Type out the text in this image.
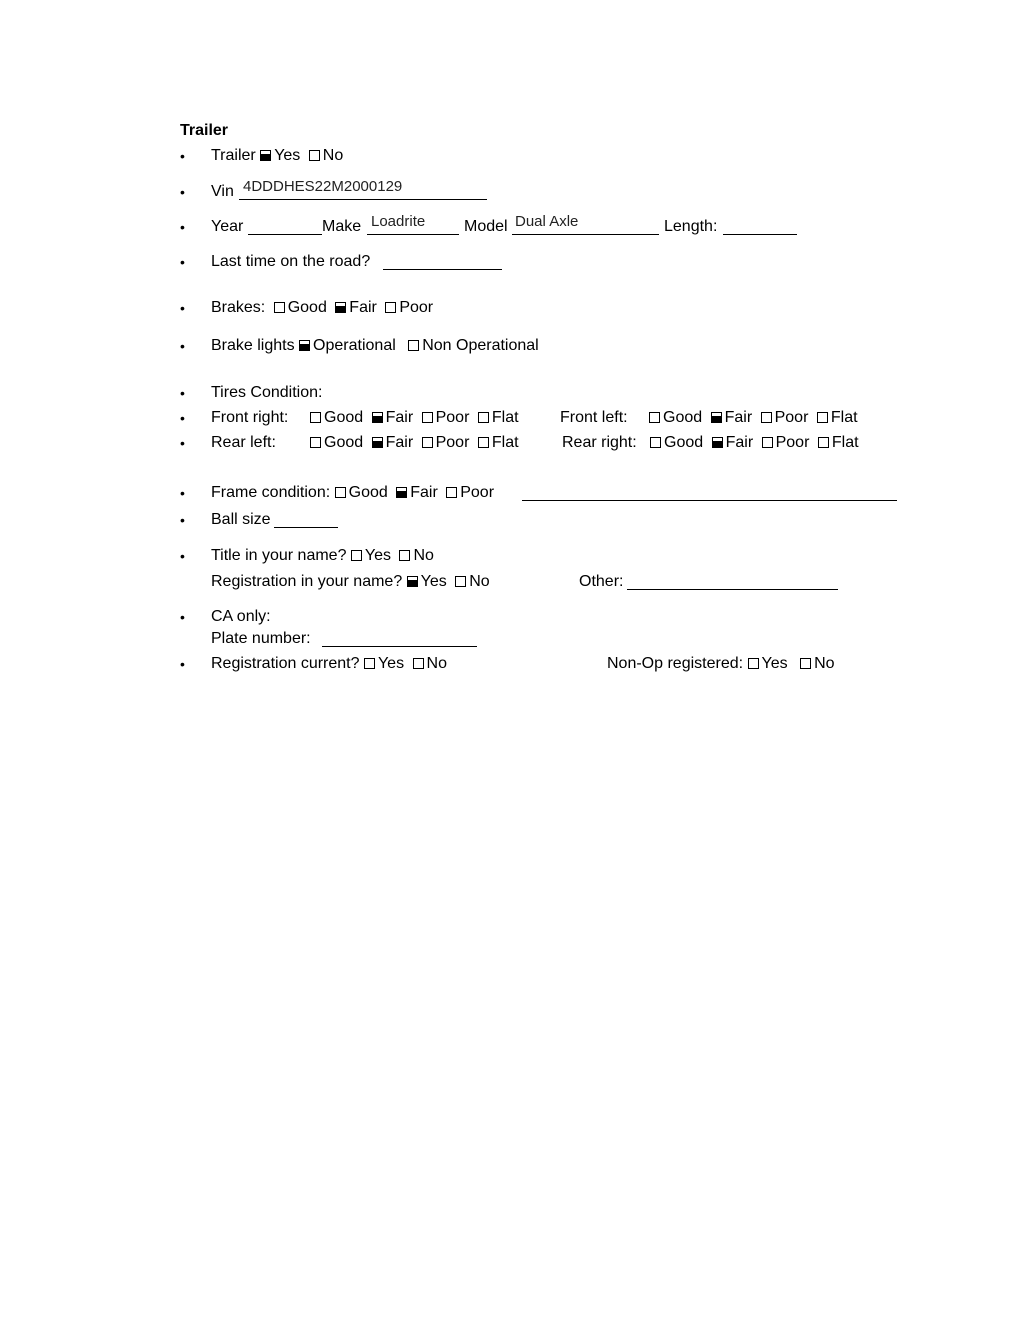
Trailer
• Trailer Yes No
• Vin 4DDDHES22M2000129
• Year	Make Loadrite Model Dual Axle	Length:
• Last time on the road?
• Brakes: Good Fair Poor
• Brake lights Operational Non Operational
• Tires Condition:
• Front right:	Good Fair Poor Flat	Front left:	Good Fair Poor Flat
• Rear left:	Good Fair Poor Flat	Rear right:	Good Fair Poor Flat
• Frame condition: Good Fair Poor
• Ball size
• Title in your name? Yes No
Registration in your name? Yes No	Other:
• CA only:
Plate number:
• Registration current? Yes No	Non-Op registered: Yes No
